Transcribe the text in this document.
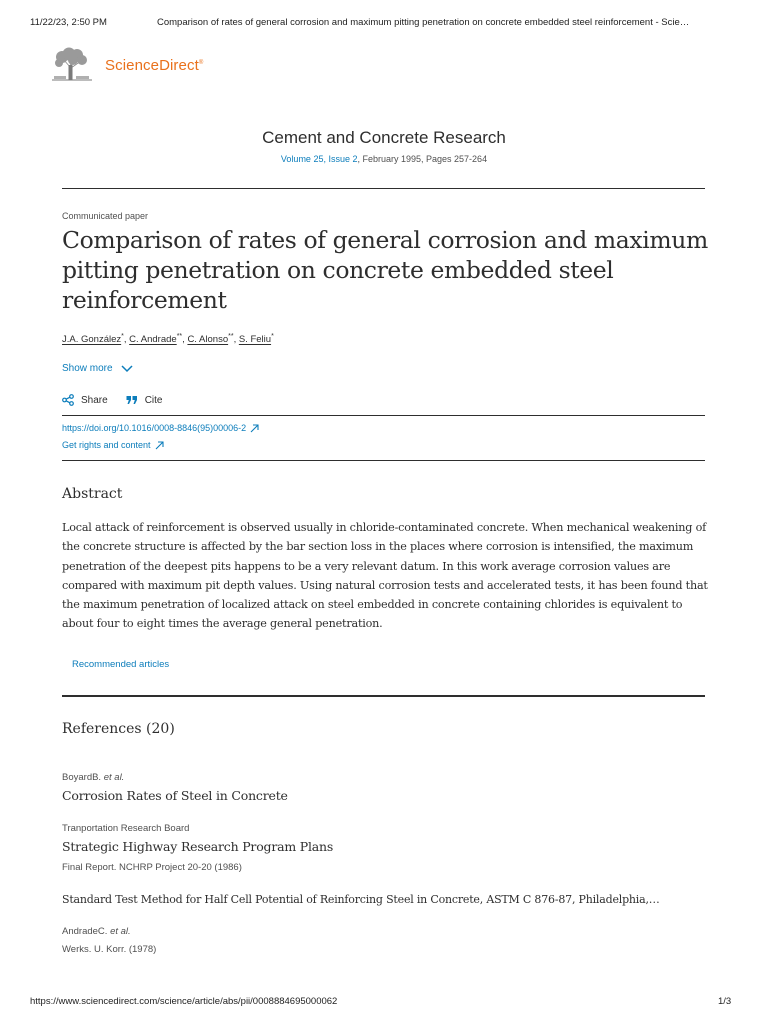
11/22/23, 2:50 PM	Comparison of rates of general corrosion and maximum pitting penetration on concrete embedded steel reinforcement - Scie…
ScienceDirect®
Cement and Concrete Research
Volume 25, Issue 2, February 1995, Pages 257-264
Communicated paper
Comparison of rates of general corrosion and maximum pitting penetration on concrete embedded steel reinforcement
J.A. González*, C. Andrade**, C. Alonso**, S. Feliu*
Show more
Share	Cite
https://doi.org/10.1016/0008-8846(95)00006-2
Get rights and content
Abstract

Local attack of reinforcement is observed usually in chloride-contaminated concrete. When mechanical weakening of the concrete structure is affected by the bar section loss in the places where corrosion is intensified, the maximum penetration of the deepest pits happens to be a very relevant datum. In this work average corrosion values are compared with maximum pit depth values. Using natural corrosion tests and accelerated tests, it has been found that the maximum penetration of localized attack on steel embedded in concrete containing chlorides is equivalent to about four to eight times the average general penetration.

Recommended articles
References (20)
BoyardB. et al.
Corrosion Rates of Steel in Concrete
Tranportation Research Board
Strategic Highway Research Program Plans
Final Report. NCHRP Project 20-20 (1986)
Standard Test Method for Half Cell Potential of Reinforcing Steel in Concrete, ASTM C 876-87, Philadelphia,…
AndradeC. et al.
Werks. U. Korr. (1978)
https://www.sciencedirect.com/science/article/abs/pii/0008884695000062	1/3
